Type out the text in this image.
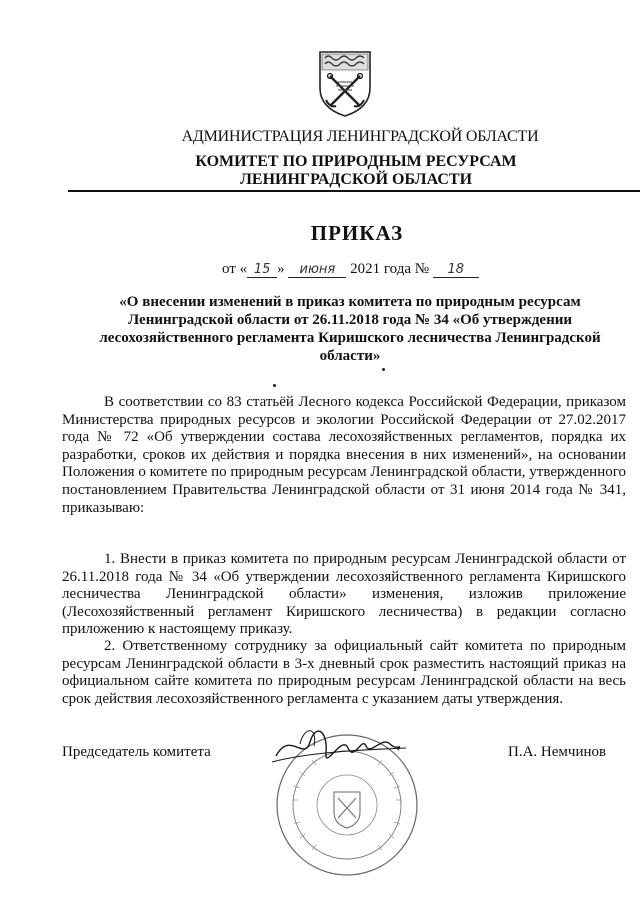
АДМИНИСТРАЦИЯ ЛЕНИНГРАДСКОЙ ОБЛАСТИ
КОМИТЕТ ПО ПРИРОДНЫМ РЕСУРСАМ
ЛЕНИНГРАДСКОЙ ОБЛАСТИ
ПРИКАЗ
от « 15 » июня 2021 года № 18
«О внесении изменений в приказ комитета по природным ресурсам Ленинградской области от 26.11.2018 года № 34 «Об утверждении лесохозяйственного регламента Киришского лесничества Ленинградской области»

В соответствии со 83 статьёй Лесного кодекса Российской Федерации, приказом Министерства природных ресурсов и экологии Российской Федерации от 27.02.2017 года № 72 «Об утверждении состава лесохозяйственных регламентов, порядка их разработки, сроков их действия и порядка внесения в них изменений», на основании Положения о комитете по природным ресурсам Ленинградской области, утвержденного постановлением Правительства Ленинградской области от 31 июня 2014 года № 341, приказываю:

1. Внести в приказ комитета по природным ресурсам Ленинградской области от 26.11.2018 года № 34 «Об утверждении лесохозяйственного регламента Киришского лесничества Ленинградской области» изменения, изложив приложение (Лесохозяйственный регламент Киришского лесничества) в редакции согласно приложению к настоящему приказу.

2. Ответственному сотруднику за официальный сайт комитета по природным ресурсам Ленинградской области в 3-х дневный срок разместить настоящий приказ на официальном сайте комитета по природным ресурсам Ленинградской области на весь срок действия лесохозяйственного регламента с указанием даты утверждения.

Председатель комитета	П.А. Немчинов
